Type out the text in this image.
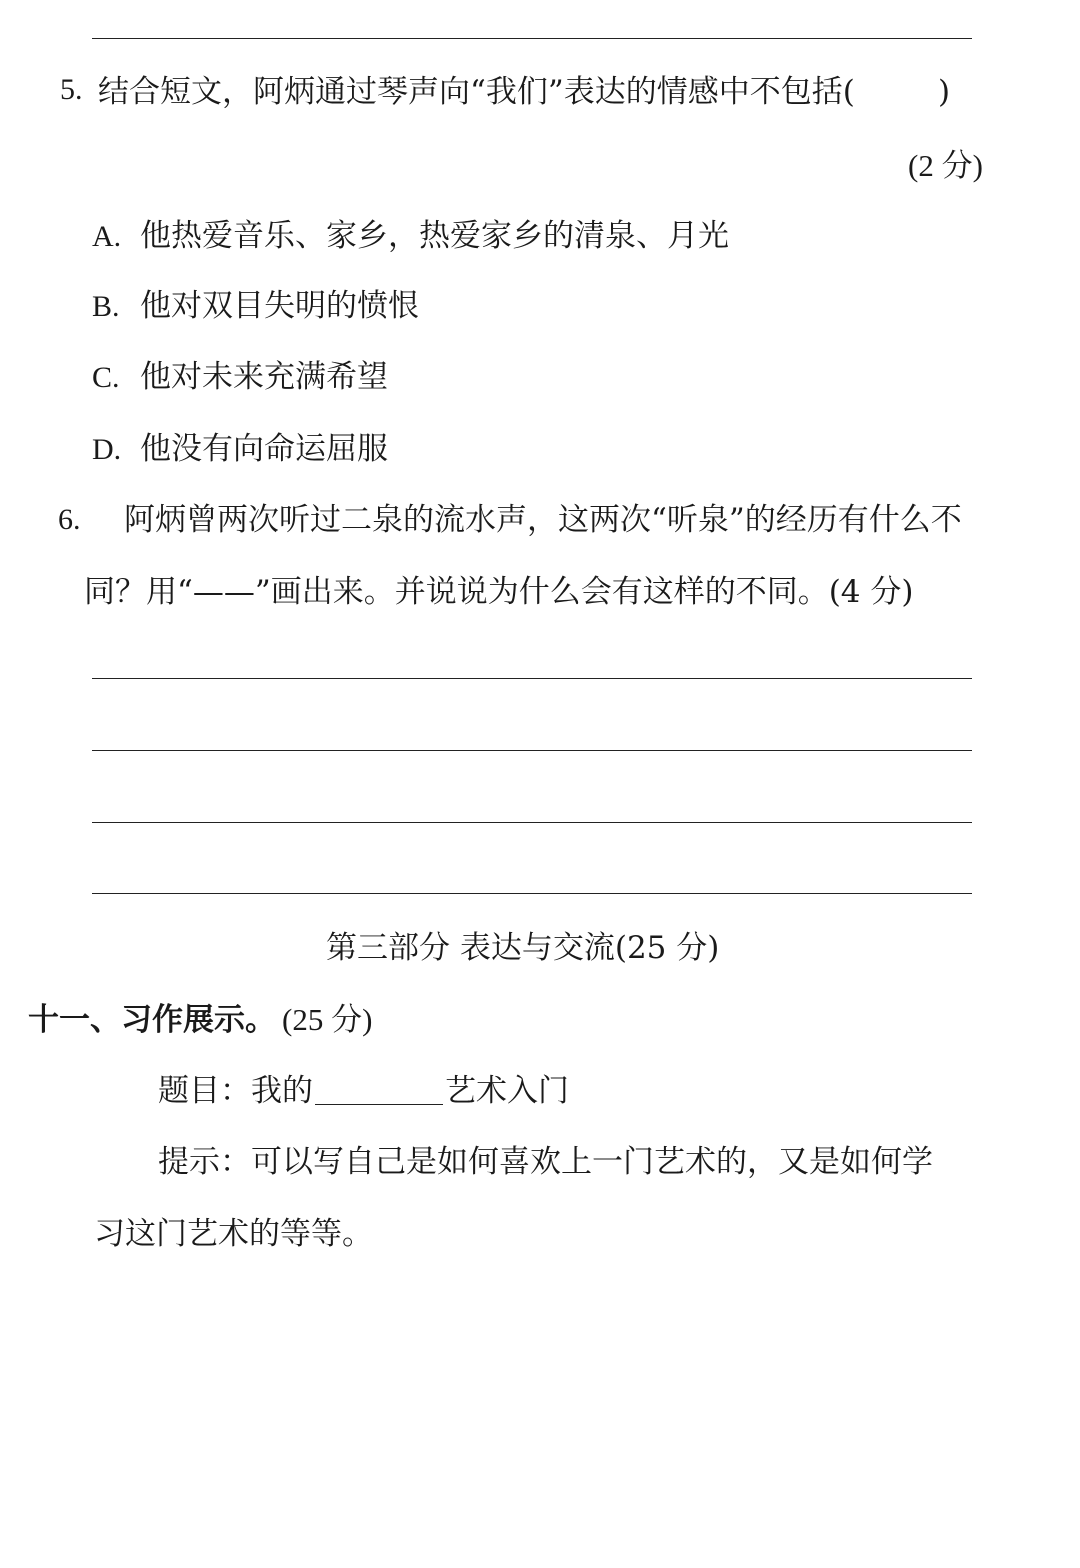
5. 结合短文，阿炳通过琴声向“我们”表达的情感中不包括(	)
(2 分)
A. 他热爱音乐、家乡，热爱家乡的清泉、月光
B. 他对双目失明的愤恨
C. 他对未来充满希望
D. 他没有向命运屈服
6. 阿炳曾两次听过二泉的流水声，这两次“听泉”的经历有什么不
同？用“——”画出来。并说说为什么会有这样的不同。(4 分)
第三部分 表达与交流(25 分)
十一、习作展示。 (25 分)
题目：我的	艺术入门
提示：可以写自己是如何喜欢上一门艺术的，又是如何学
习这门艺术的等等。
